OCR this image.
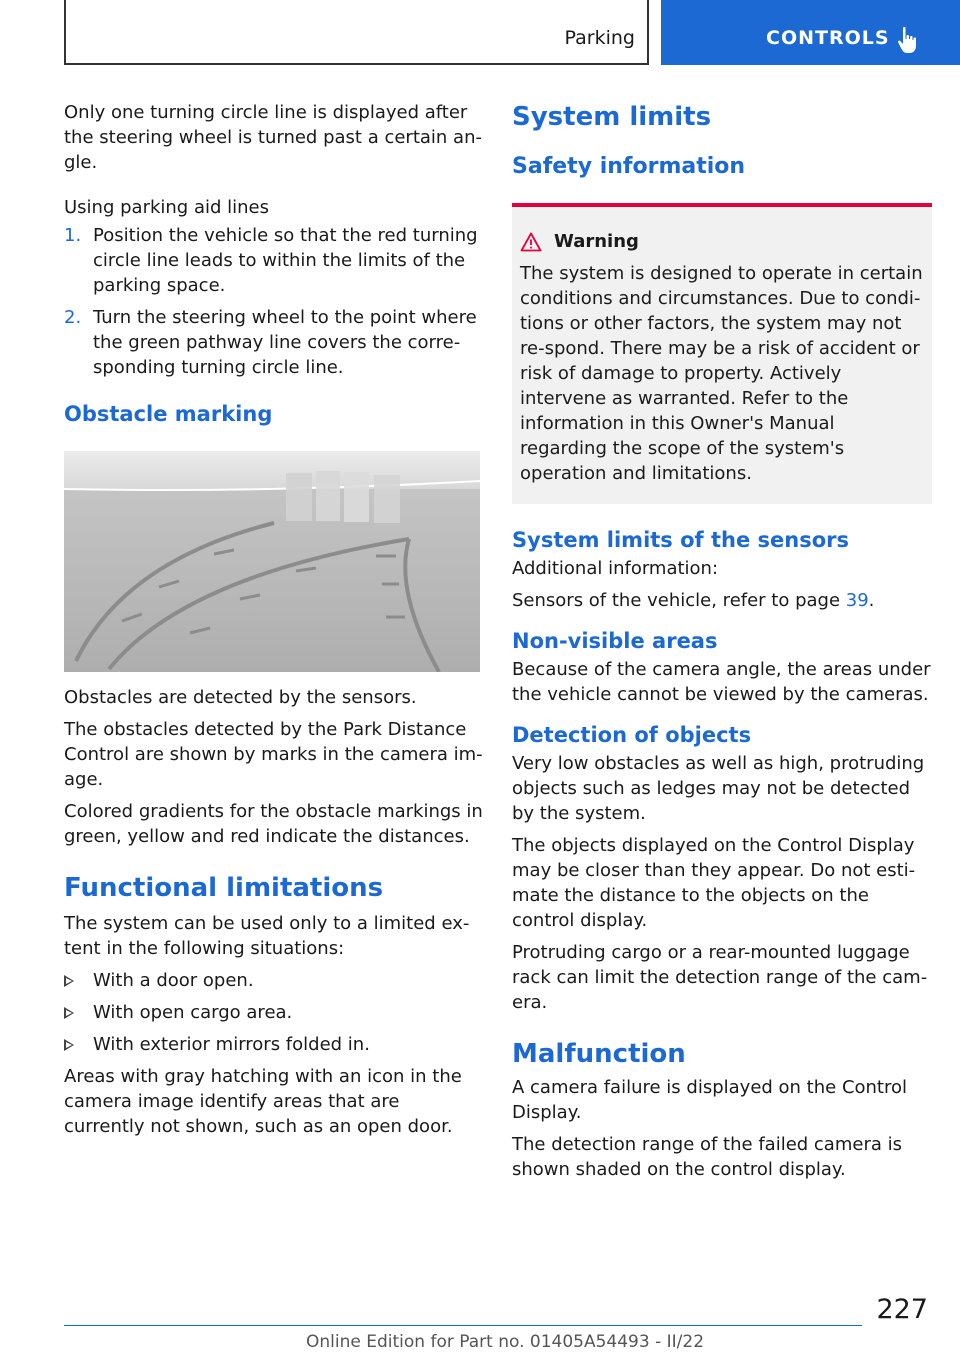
Parking	CONTROLS

Only one turning circle line is displayed after the steering wheel is turned past a certain an-gle.

Using parking aid lines

1. Position the vehicle so that the red turning circle line leads to within the limits of the parking space.
2. Turn the steering wheel to the point where the green pathway line covers the corre-sponding turning circle line.
Obstacle marking

Obstacles are detected by the sensors.

The obstacles detected by the Park Distance Control are shown by marks in the camera im-age.

Colored gradients for the obstacle markings in green, yellow and red indicate the distances.

Functional limitations

The system can be used only to a limited ex-tent in the following situations:

With a door open.
With open cargo area.
With exterior mirrors folded in.

Areas with gray hatching with an icon in the camera image identify areas that are currently not shown, such as an open door.

System limits
Safety information
Warning

The system is designed to operate in certain conditions and circumstances. Due to condi-tions or other factors, the system may not re-spond. There may be a risk of accident or risk of damage to property. Actively intervene as warranted. Refer to the information in this Owner's Manual regarding the scope of the system's operation and limitations.

System limits of the sensors

Additional information:

Sensors of the vehicle, refer to page 39.

Non-visible areas

Because of the camera angle, the areas under the vehicle cannot be viewed by the cameras.

Detection of objects

Very low obstacles as well as high, protruding objects such as ledges may not be detected by the system.

The objects displayed on the Control Display may be closer than they appear. Do not esti-mate the distance to the objects on the control display.

Protruding cargo or a rear-mounted luggage rack can limit the detection range of the cam-era.

Malfunction

A camera failure is displayed on the Control Display.

The detection range of the failed camera is shown shaded on the control display.

227
Online Edition for Part no. 01405A54493 - II/22
